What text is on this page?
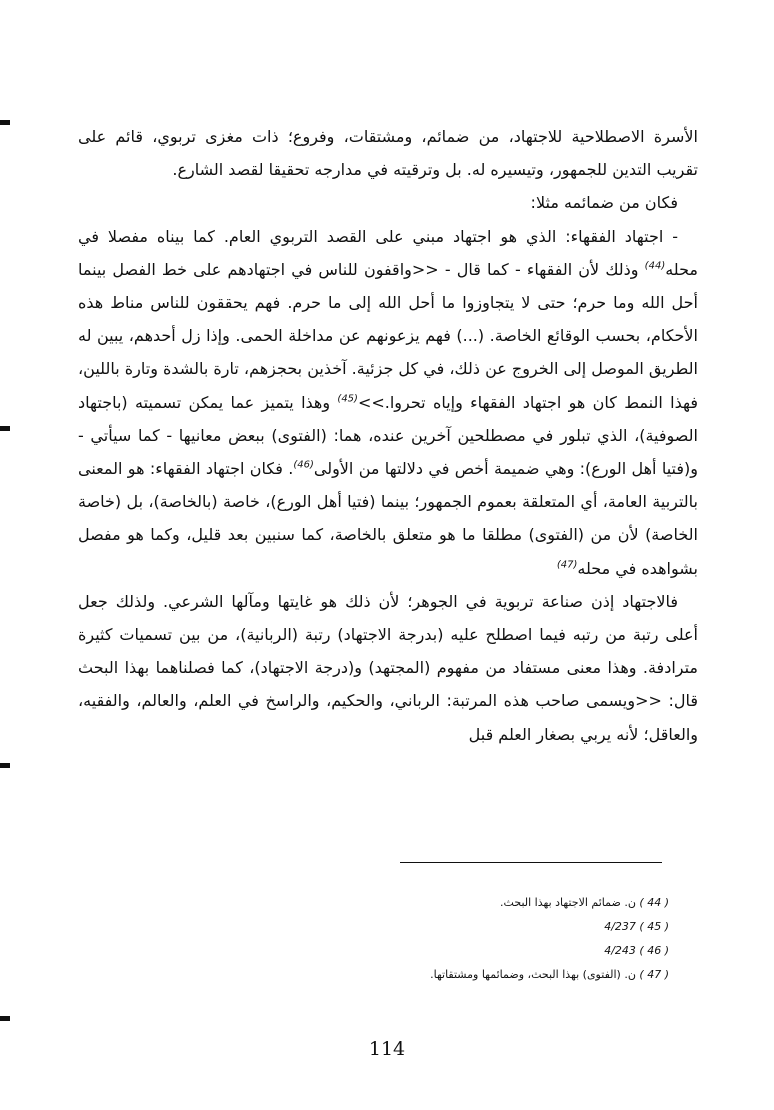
الأسرة الاصطلاحية للاجتهاد، من ضمائم، ومشتقات، وفروع؛ ذات مغزى تربوي، قائم على تقريب التدين للجمهور، وتيسيره له. بل وترقيته في مدارجه تحقيقا لقصد الشارع.

فكان من ضمائمه مثلا:

- اجتهاد الفقهاء: الذي هو اجتهاد مبني على القصد التربوي العام. كما بيناه مفصلا في محله$^{(44)}$ وذلك لأن الفقهاء - كما قال - <<واقفون للناس في اجتهادهم على خط الفصل بينما أحل الله وما حرم؛ حتى لا يتجاوزوا ما أحل الله إلى ما حرم. فهم يحققون للناس مناط هذه الأحكام، بحسب الوقائع الخاصة. (...) فهم يزعونهم عن مداخلة الحمى. وإذا زل أحدهم، يبين له الطريق الموصل إلى الخروج عن ذلك، في كل جزئية. آخذين بحجزهم، تارة بالشدة وتارة باللين، فهذا النمط كان هو اجتهاد الفقهاء وإياه تحروا.>>$^{(45)}$ وهذا يتميز عما يمكن تسميته (باجتهاد الصوفية)، الذي تبلور في مصطلحين آخرين عنده، هما: (الفتوى) ببعض معانيها - كما سيأتي - و(فتيا أهل الورع): وهي ضميمة أخص في دلالتها من الأولى$^{(46)}$. فكان اجتهاد الفقهاء: هو المعنى بالتربية العامة، أي المتعلقة بعموم الجمهور؛ بينما (فتيا أهل الورع)، خاصة (بالخاصة)، بل (خاصة الخاصة) لأن من (الفتوى) مطلقا ما هو متعلق بالخاصة، كما سنبين بعد قليل، وكما هو مفصل بشواهده في محله$^{(47)}$

فالاجتهاد إذن صناعة تربوية في الجوهر؛ لأن ذلك هو غايتها ومآلها الشرعي. ولذلك جعل أعلى رتبة من رتبه فيما اصطلح عليه (بدرجة الاجتهاد) رتبة (الربانية)، من بين تسميات كثيرة مترادفة. وهذا معنى مستفاد من مفهوم (المجتهد) و(درجة الاجتهاد)، كما فصلناهما بهذا البحث قال: <<ويسمى صاحب هذه المرتبة: الرباني، والحكيم، والراسخ في العلم، والعالم، والفقيه، والعاقل؛ لأنه يربي بصغار العلم قبل

( 44 ) ن. ضمائم الاجتهاد بهذا البحث.
( 45 ) 4/237
( 46 ) 4/243
( 47 ) ن. (الفتوى) بهذا البحث، وضمائمها ومشتقاتها.
114
